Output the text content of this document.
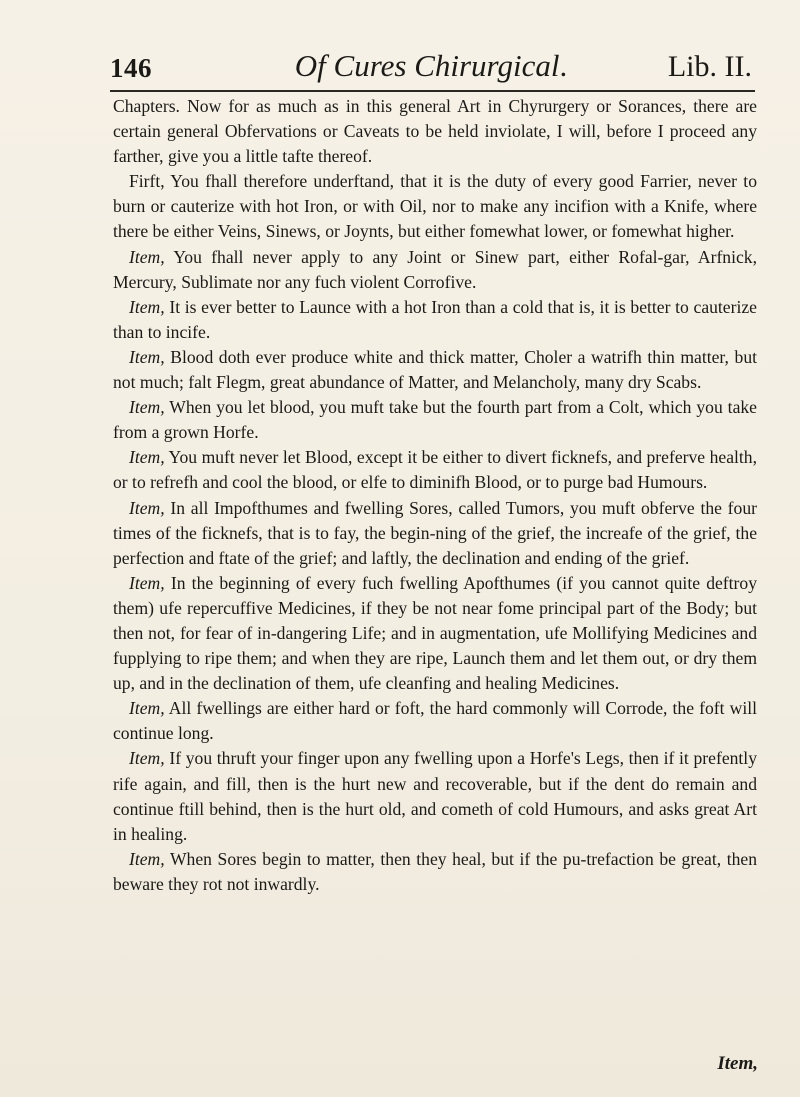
146	Of Cures Chirurgical.	Lib. II.

Chapters. Now for as much as in this general Art in Chyrurgery or Sorances, there are certain general Obfervations or Caveats to be held inviolate, I will, before I proceed any farther, give you a little tafte thereof.

Firft, You fhall therefore underftand, that it is the duty of every good Farrier, never to burn or cauterize with hot Iron, or with Oil, nor to make any incifion with a Knife, where there be either Veins, Sinews, or Joynts, but either fomewhat lower, or fomewhat higher.

Item, You fhall never apply to any Joint or Sinew part, either Rofal-gar, Arfnick, Mercury, Sublimate nor any fuch violent Corrofive.

Item, It is ever better to Launce with a hot Iron than a cold that is, it is better to cauterize than to incife.

Item, Blood doth ever produce white and thick matter, Choler a watrifh thin matter, but not much; falt Flegm, great abundance of Matter, and Melancholy, many dry Scabs.

Item, When you let blood, you muft take but the fourth part from a Colt, which you take from a grown Horfe.

Item, You muft never let Blood, except it be either to divert ficknefs, and preferve health, or to refrefh and cool the blood, or elfe to diminifh Blood, or to purge bad Humours.

Item, In all Impofthumes and fwelling Sores, called Tumors, you muft obferve the four times of the ficknefs, that is to fay, the begin-ning of the grief, the increafe of the grief, the perfection and ftate of the grief; and laftly, the declination and ending of the grief.

Item, In the beginning of every fuch fwelling Apofthumes (if you cannot quite deftroy them) ufe repercuffive Medicines, if they be not near fome principal part of the Body; but then not, for fear of in-dangering Life; and in augmentation, ufe Mollifying Medicines and fupplying to ripe them; and when they are ripe, Launch them and let them out, or dry them up, and in the declination of them, ufe cleanfing and healing Medicines.

Item, All fwellings are either hard or foft, the hard commonly will Corrode, the foft will continue long.

Item, If you thruft your finger upon any fwelling upon a Horfe's Legs, then if it prefently rife again, and fill, then is the hurt new and recoverable, but if the dent do remain and continue ftill behind, then is the hurt old, and cometh of cold Humours, and asks great Art in healing.

Item, When Sores begin to matter, then they heal, but if the pu-trefaction be great, then beware they rot not inwardly.

Item,
